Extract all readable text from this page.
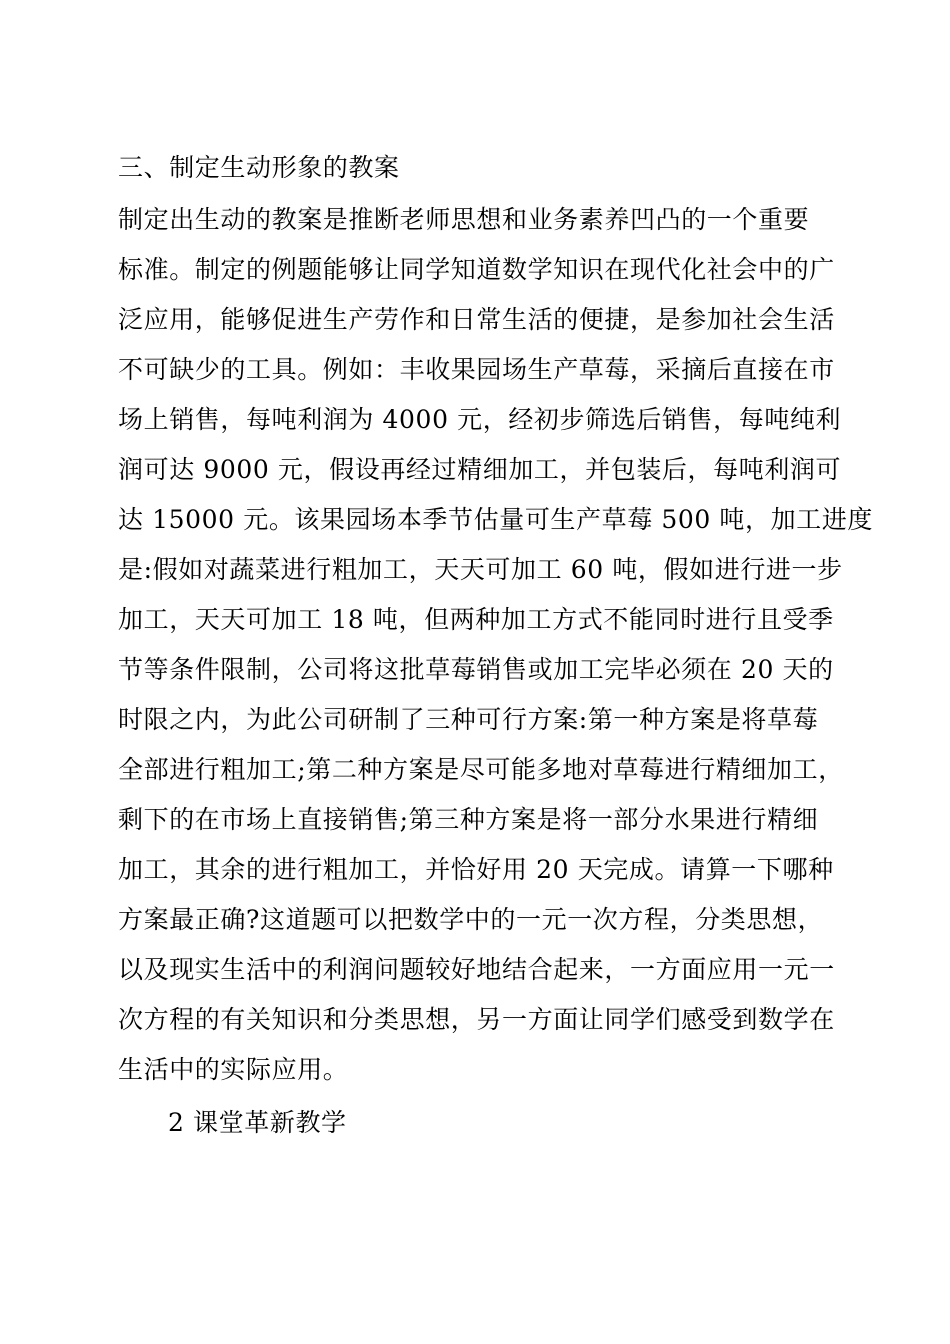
三、制定生动形象的教案
制定出生动的教案是推断老师思想和业务素养凹凸的一个重要
标准。制定的例题能够让同学知道数学知识在现代化社会中的广
泛应用，能够促进生产劳作和日常生活的便捷，是参加社会生活
不可缺少的工具。例如：丰收果园场生产草莓，采摘后直接在市
场上销售，每吨利润为 4000 元，经初步筛选后销售，每吨纯利
润可达 9000 元，假设再经过精细加工，并包装后，每吨利润可
达 15000 元。该果园场本季节估量可生产草莓 500 吨，加工进度
是:假如对蔬菜进行粗加工，天天可加工 60 吨，假如进行进一步
加工，天天可加工 18 吨，但两种加工方式不能同时进行且受季
节等条件限制，公司将这批草莓销售或加工完毕必须在 20 天的
时限之内，为此公司研制了三种可行方案:第一种方案是将草莓
全部进行粗加工;第二种方案是尽可能多地对草莓进行精细加工，
剩下的在市场上直接销售;第三种方案是将一部分水果进行精细
加工，其余的进行粗加工，并恰好用 20 天完成。请算一下哪种
方案最正确?这道题可以把数学中的一元一次方程，分类思想，
以及现实生活中的利润问题较好地结合起来，一方面应用一元一
次方程的有关知识和分类思想，另一方面让同学们感受到数学在
生活中的实际应用。
2 课堂革新教学
